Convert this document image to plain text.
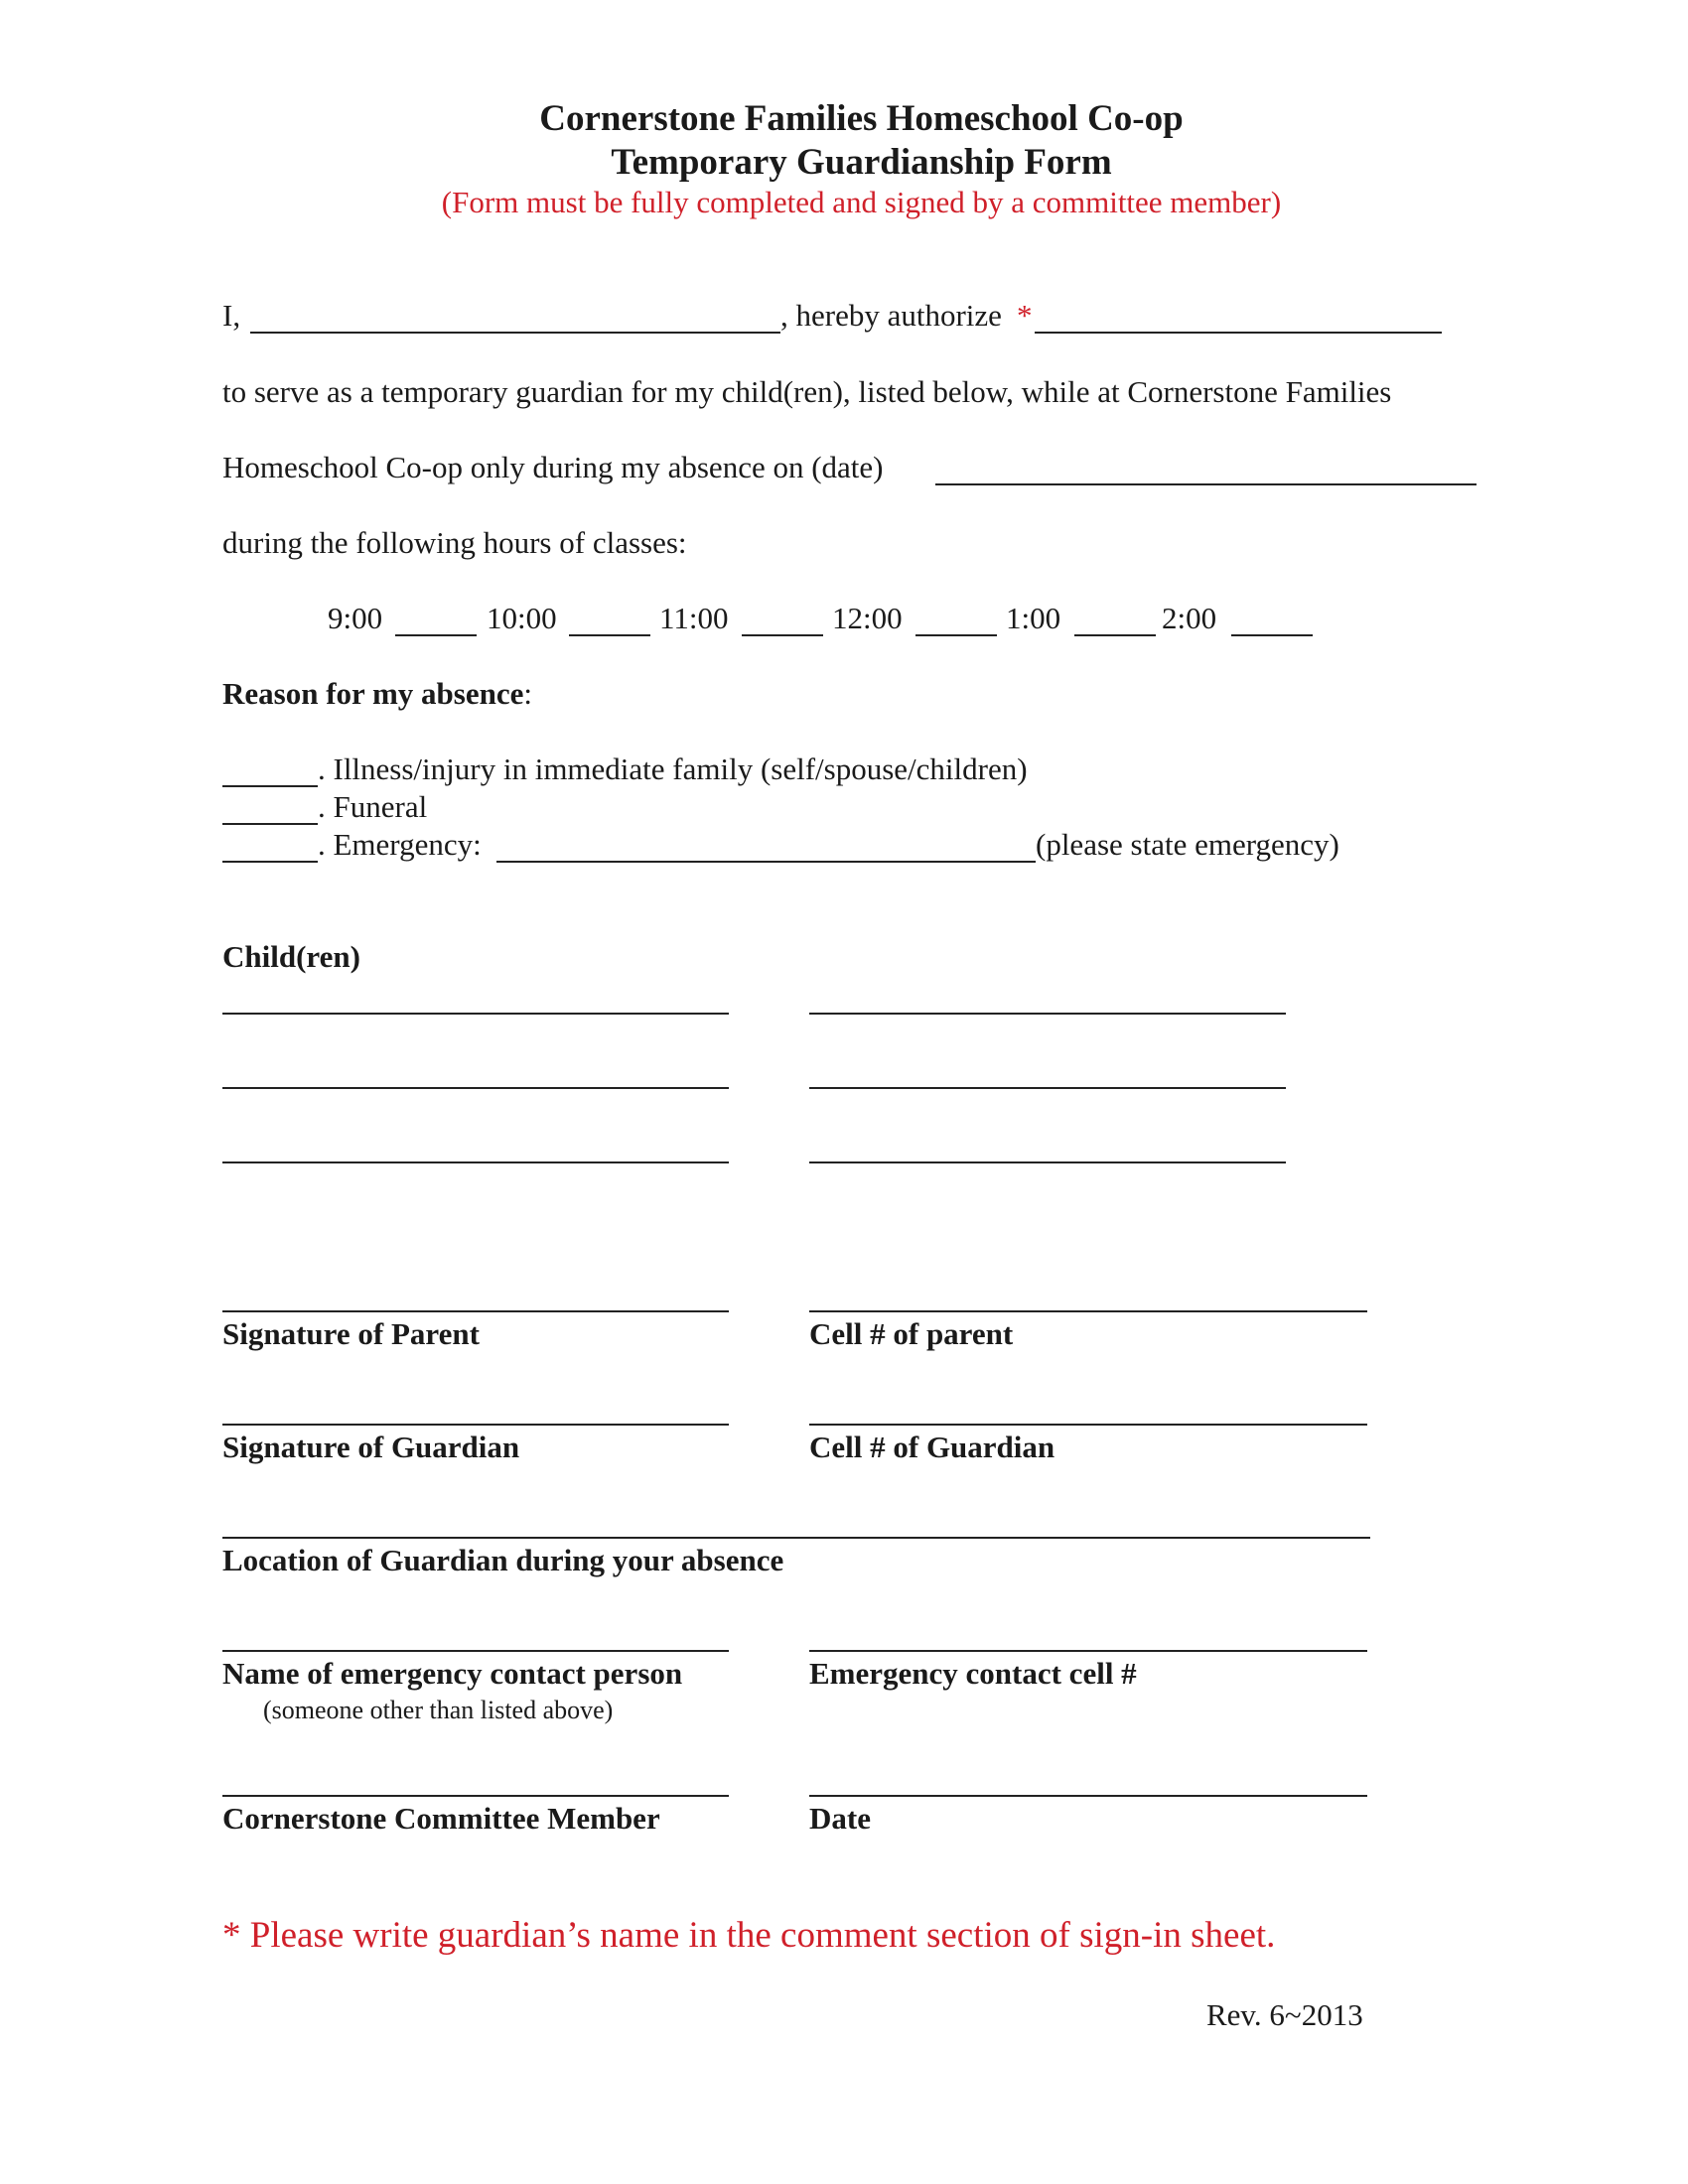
Cornerstone Families Homeschool Co-op
Temporary Guardianship Form
(Form must be fully completed and signed by a committee member)
I,	, hereby authorize *
to serve as a temporary guardian for my child(ren), listed below, while at Cornerstone Families
Homeschool Co-op only during my absence on (date)
during the following hours of classes:
9:00	10:00	11:00	12:00	1:00	2:00
Reason for my absence:
. Illness/injury in immediate family (self/spouse/children)
. Funeral
. Emergency:	(please state emergency)
Child(ren)
Signature of Parent	Cell # of parent
Signature of Guardian	Cell # of Guardian
Location of Guardian during your absence
Name of emergency contact person	Emergency contact cell #
(someone other than listed above)
Cornerstone Committee Member	Date
* Please write guardian’s name in the comment section of sign-in sheet.
Rev. 6~2013
